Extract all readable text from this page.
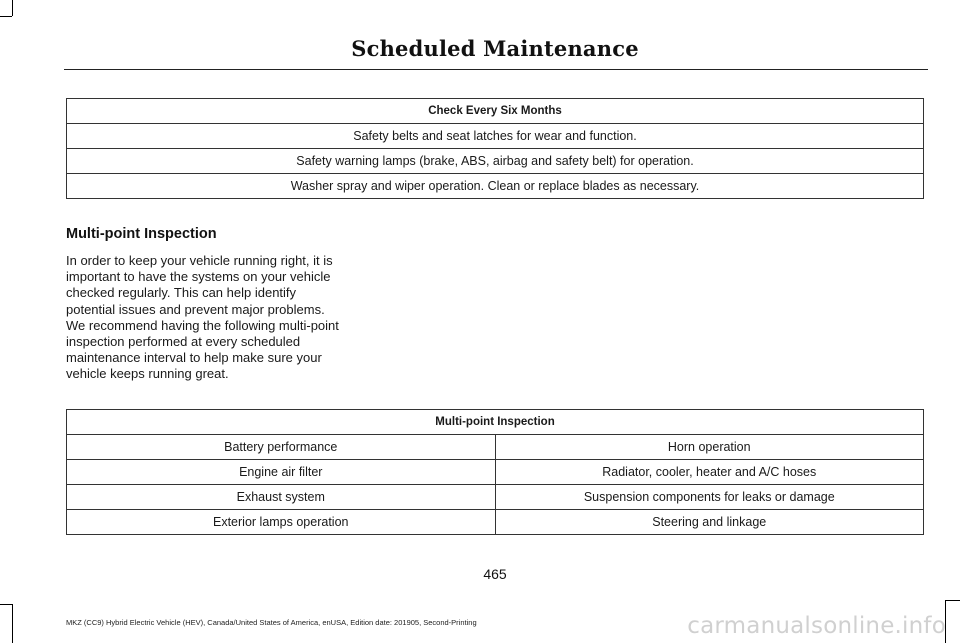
Scheduled Maintenance
Check Every Six Months
Safety belts and seat latches for wear and function.
Safety warning lamps (brake, ABS, airbag and safety belt) for operation.
Washer spray and wiper operation. Clean or replace blades as necessary.
Multi-point Inspection
In order to keep your vehicle running right, it is important to have the systems on your vehicle checked regularly. This can help identify potential issues and prevent major problems. We recommend having the following multi-point inspection performed at every scheduled maintenance interval to help make sure your vehicle keeps running great.
Multi-point Inspection	
Battery performance	Horn operation
Engine air filter	Radiator, cooler, heater and A/C hoses
Exhaust system	Suspension components for leaks or damage
Exterior lamps operation	Steering and linkage
465
MKZ (CC9) Hybrid Electric Vehicle (HEV), Canada/United States of America, enUSA, Edition date: 201905, Second-Printing	carmanualsonline.info
